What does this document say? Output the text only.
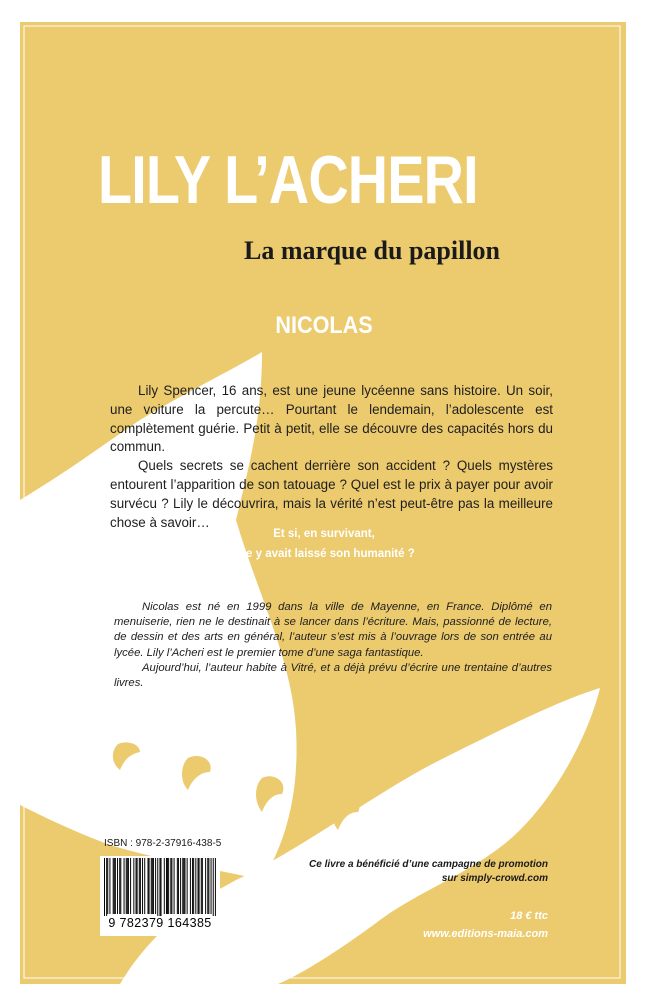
LILY L’ACHERI
La marque du papillon
NICOLAS

Lily Spencer, 16 ans, est une jeune lycéenne sans histoire. Un soir, une voiture la percute… Pourtant le lendemain, l’adolescente est complètement guérie. Petit à petit, elle se découvre des capacités hors du commun.

Quels secrets se cachent derrière son accident ? Quels mystères entourent l’apparition de son tatouage ? Quel est le prix à payer pour avoir survécu ? Lily le découvrira, mais la vérité n’est peut-être pas la meilleure chose à savoir…

Et si, en survivant,
elle y avait laissé son humanité ?

Nicolas est né en 1999 dans la ville de Mayenne, en France. Diplômé en menuiserie, rien ne le destinait à se lancer dans l’écriture. Mais, passionné de lecture, de dessin et des arts en général, l’auteur s’est mis à l’ouvrage lors de son entrée au lycée. Lily l’Acheri est le premier tome d’une saga fantastique.

Aujourd’hui, l’auteur habite à Vitré, et a déjà prévu d’écrire une trentaine d’autres livres.

ISBN : 978-2-37916-438-5
9 782379 164385
Ce livre a bénéficié d’une campagne de promotion
sur simply-crowd.com
18 € ttc
www.editions-maia.com
